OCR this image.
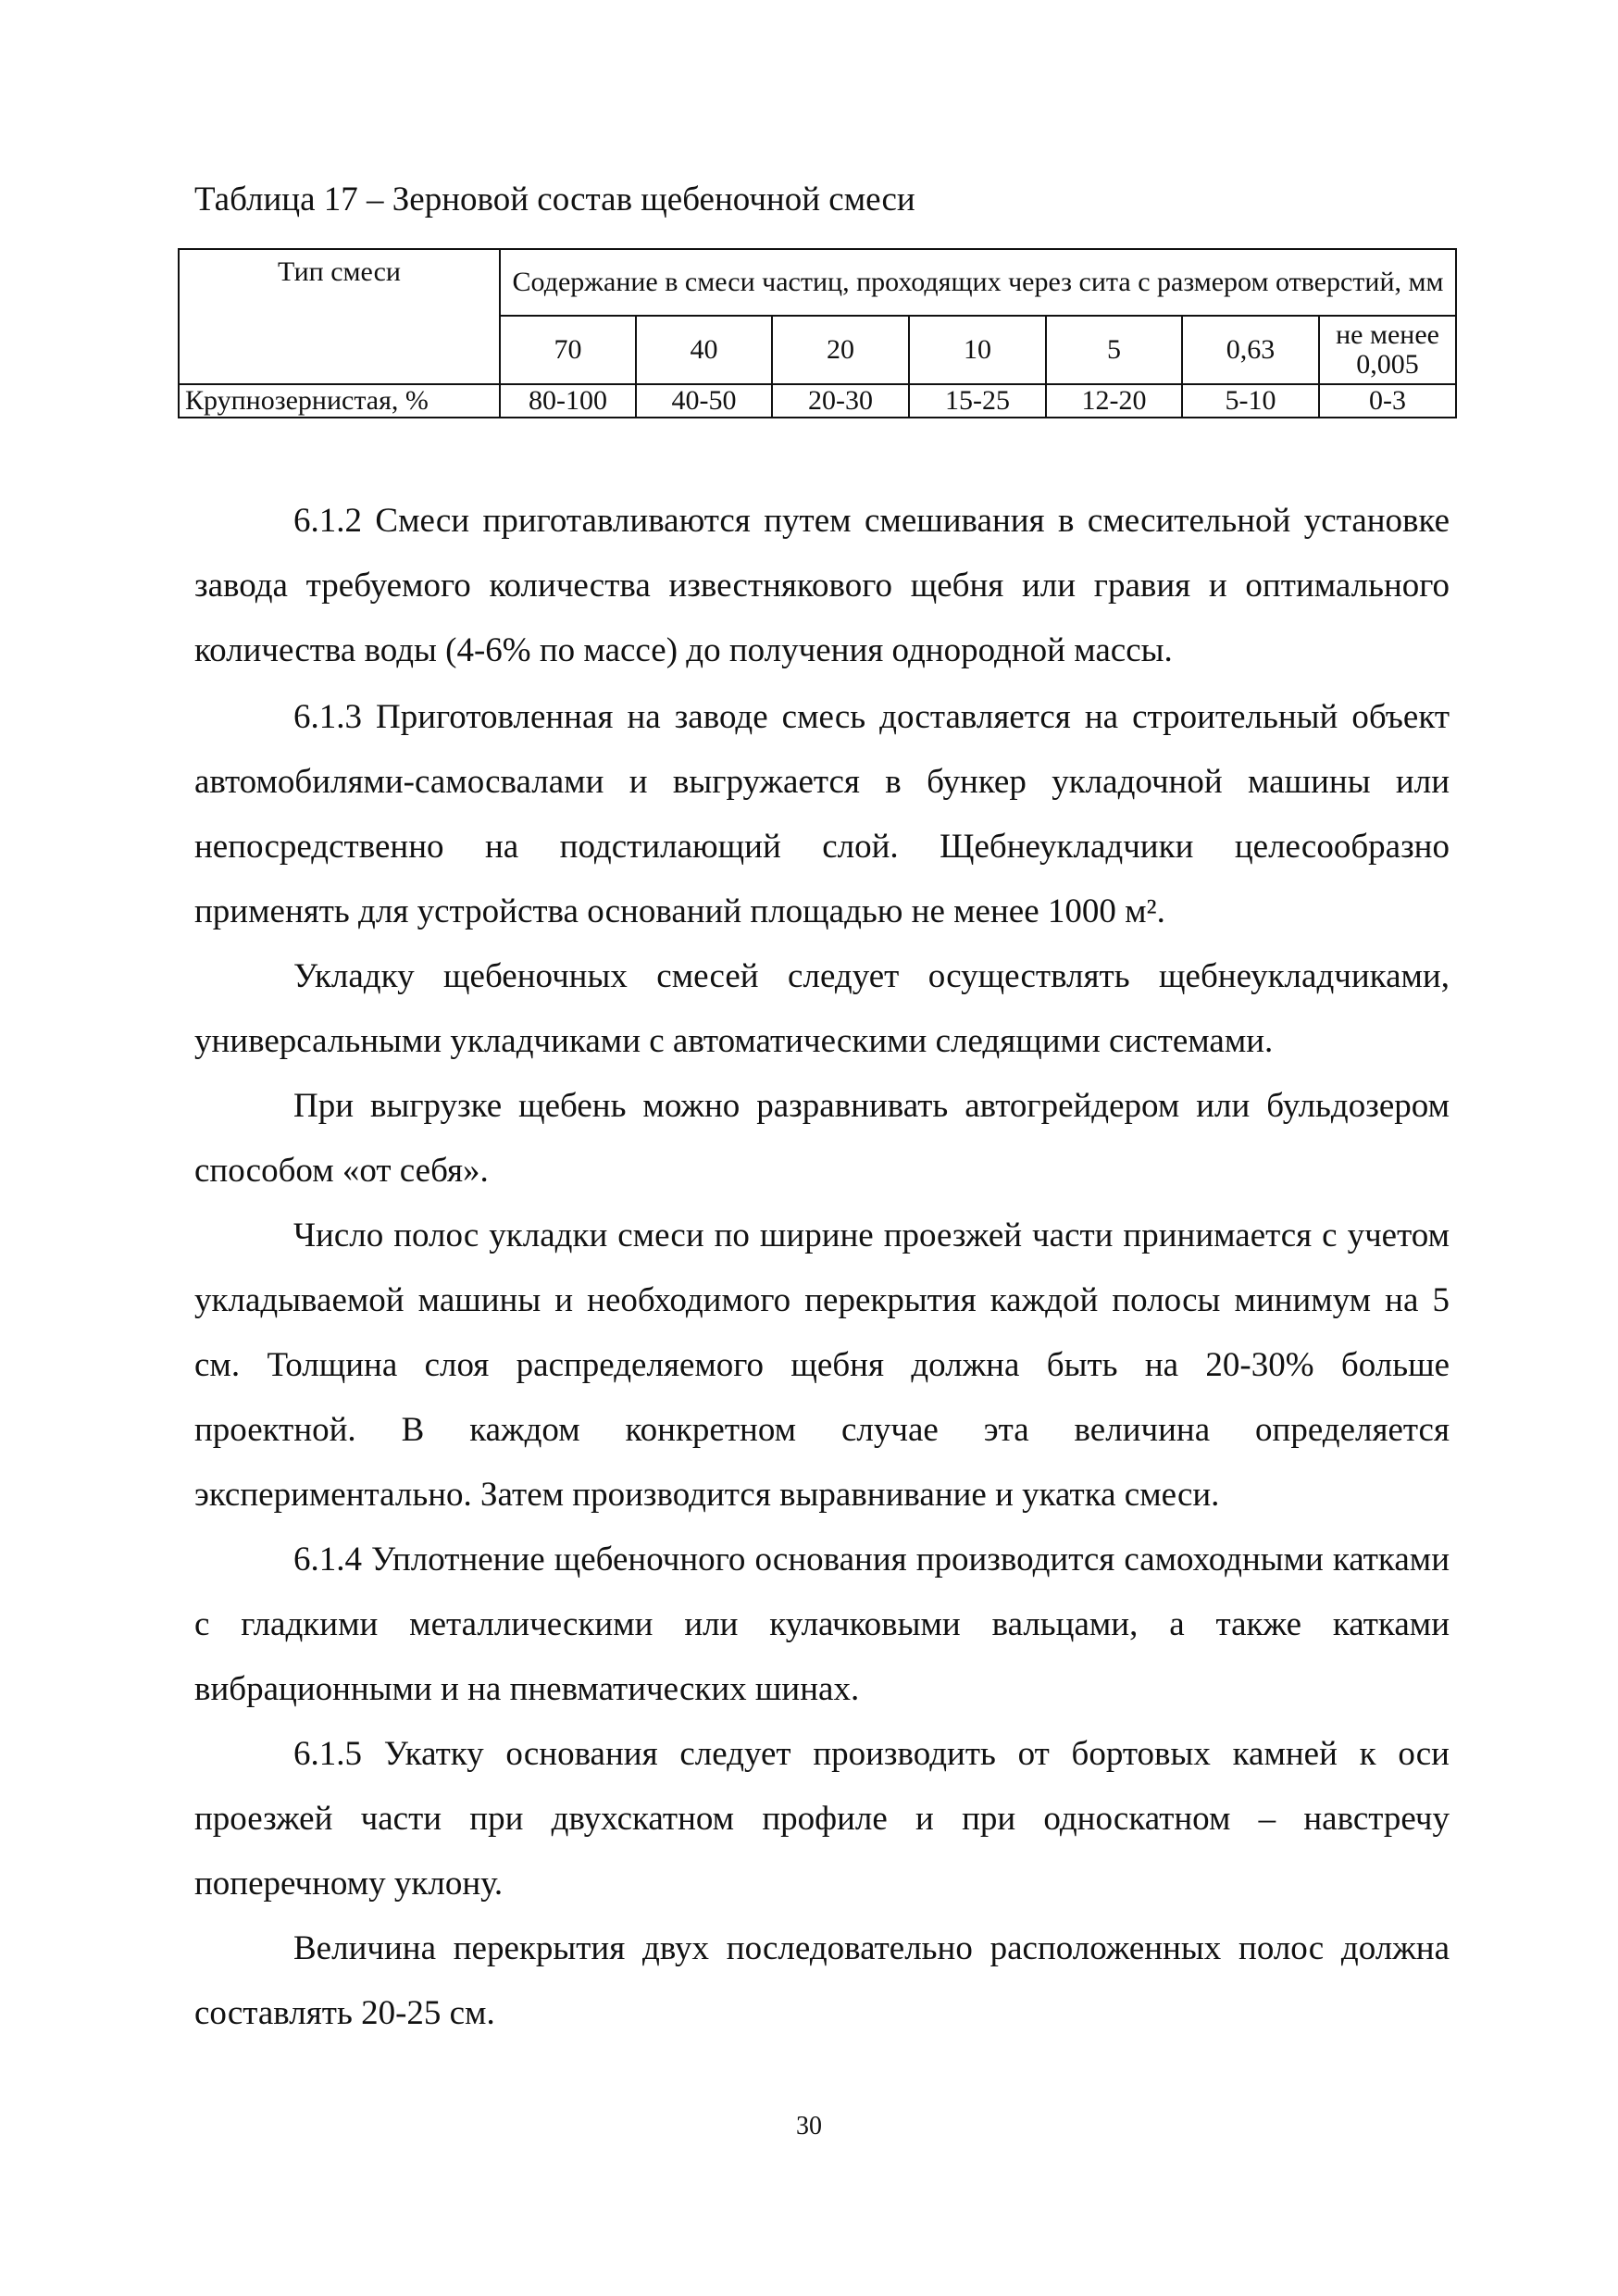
Таблица 17 – Зерновой состав щебеночной смеси
Тип смеси	Содержание в смеси частиц, проходящих через сита с размером отверстий, мм						
	70	40	20	10	5	0,63	не менее 0,005
Крупнозернистая, %	80-100	40-50	20-30	15-25	12-20	5-10	0-3

6.1.2 Смеси приготавливаются путем смешивания в смесительной установке завода требуемого количества известнякового щебня или гравия и оптимального количества воды (4-6% по массе) до получения однородной массы.

6.1.3 Приготовленная на заводе смесь доставляется на строительный объект автомобилями-самосвалами и выгружается в бункер укладочной машины или непосредственно на подстилающий слой. Щебнеукладчики целесообразно применять для устройства оснований площадью не менее 1000 м².

Укладку щебеночных смесей следует осуществлять щебнеукладчиками, универсальными укладчиками с автоматическими следящими системами.

При выгрузке щебень можно разравнивать автогрейдером или бульдозером способом «от себя».

Число полос укладки смеси по ширине проезжей части принимается с учетом укладываемой машины и необходимого перекрытия каждой полосы минимум на 5 см. Толщина слоя распределяемого щебня должна быть на 20-30% больше проектной. В каждом конкретном случае эта величина определяется экспериментально. Затем производится выравнивание и укатка смеси.

6.1.4 Уплотнение щебеночного основания производится самоходными катками с гладкими металлическими или кулачковыми вальцами, а также катками вибрационными и на пневматических шинах.

6.1.5 Укатку основания следует производить от бортовых камней к оси проезжей части при двухскатном профиле и при односкатном – навстречу поперечному уклону.

Величина перекрытия двух последовательно расположенных полос должна составлять 20-25 см.

30
